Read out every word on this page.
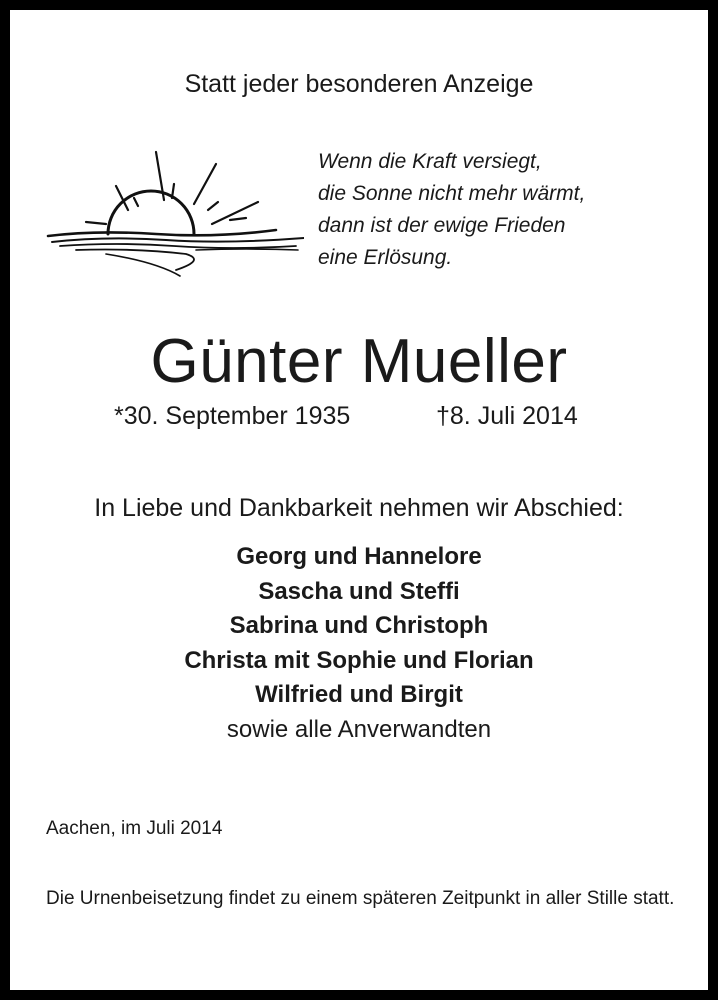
Statt jeder besonderen Anzeige
Wenn die Kraft versiegt,
die Sonne nicht mehr wärmt,
dann ist der ewige Frieden
eine Erlösung.
Günter Mueller
*30. September 1935	†8. Juli 2014
In Liebe und Dankbarkeit nehmen wir Abschied:
Georg und Hannelore
Sascha und Steffi
Sabrina und Christoph
Christa mit Sophie und Florian
Wilfried und Birgit
sowie alle Anverwandten
Aachen, im Juli 2014
Die Urnenbeisetzung findet zu einem späteren Zeitpunkt in aller Stille statt.
